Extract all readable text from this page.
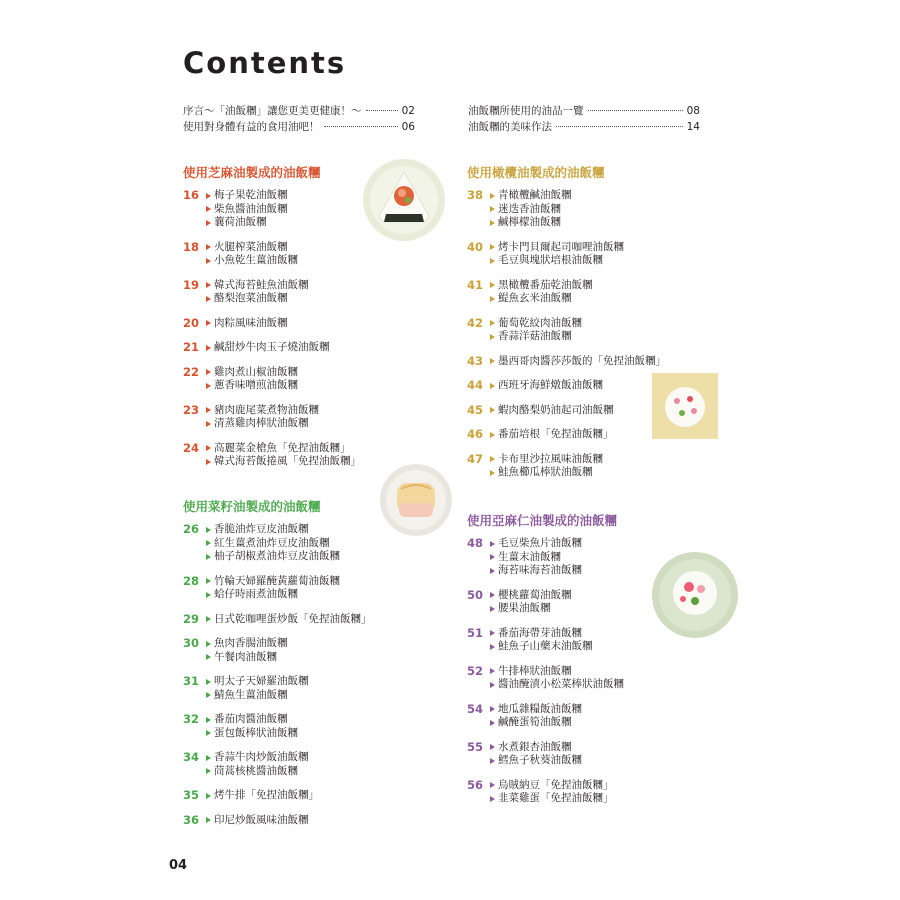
Contents
序言～「油飯糰」讓您更美更健康！～	02
使用對身體有益的食用油吧！	06
油飯糰所使用的油品一覽	08
油飯糰的美味作法	14
使用芝麻油製成的油飯糰
16	梅子果乾油飯糰
柴魚醬油油飯糰
蘘荷油飯糰
18	火腿榨菜油飯糰
小魚乾生薑油飯糰
19	韓式海苔鮭魚油飯糰
酪梨泡菜油飯糰
20	肉粽風味油飯糰
21	鹹甜炒牛肉玉子燒油飯糰
22	雞肉煮山椒油飯糰
蔥香味噌煎油飯糰
23	豬肉鹿尾菜煮物油飯糰
清蒸雞肉棒狀油飯糰
24	高麗菜金槍魚「免捏油飯糰」
韓式海苔飯捲風「免捏油飯糰」
使用菜籽油製成的油飯糰
26	香脆油炸豆皮油飯糰
紅生薑煮油炸豆皮油飯糰
柚子胡椒煮油炸豆皮油飯糰
28	竹輪天婦羅醃黃蘿蔔油飯糰
蛤仔時雨煮油飯糰
29	日式乾咖哩蛋炒飯「免捏油飯糰」
30	魚肉香腸油飯糰
午餐肉油飯糰
31	明太子天婦羅油飯糰
鯖魚生薑油飯糰
32	番茄肉醬油飯糰
蛋包飯棒狀油飯糰
34	香蒜牛肉炒飯油飯糰
茼蒿核桃醬油飯糰
35	烤牛排「免捏油飯糰」
36	印尼炒飯風味油飯糰
使用橄欖油製成的油飯糰
38	青橄欖鹹油飯糰
迷迭香油飯糰
鹹檸檬油飯糰
40	烤卡門貝爾起司咖哩油飯糰
毛豆與塊狀培根油飯糰
41	黑橄欖番茄乾油飯糰
鯷魚玄米油飯糰
42	葡萄乾絞肉油飯糰
香蒜洋菇油飯糰
43	墨西哥肉醬莎莎飯的「免捏油飯糰」
44	西班牙海鮮燉飯油飯糰
45	蝦肉酪梨奶油起司油飯糰
46	番茄培根「免捏油飯糰」
47	卡布里沙拉風味油飯糰
鮭魚櫛瓜棒狀油飯糰
使用亞麻仁油製成的油飯糰
48	毛豆柴魚片油飯糰
生薑末油飯糰
海苔味海苔油飯糰
50	櫻桃蘿蔔油飯糰
腰果油飯糰
51	番茄海帶芽油飯糰
鮭魚子山藥末油飯糰
52	牛排棒狀油飯糰
醬油醃漬小松菜棒狀油飯糰
54	地瓜雜糧飯油飯糰
鹹醃蛋筍油飯糰
55	水煮銀杏油飯糰
鱈魚子秋葵油飯糰
56	烏賊納豆「免捏油飯糰」
韭菜雞蛋「免捏油飯糰」
04
